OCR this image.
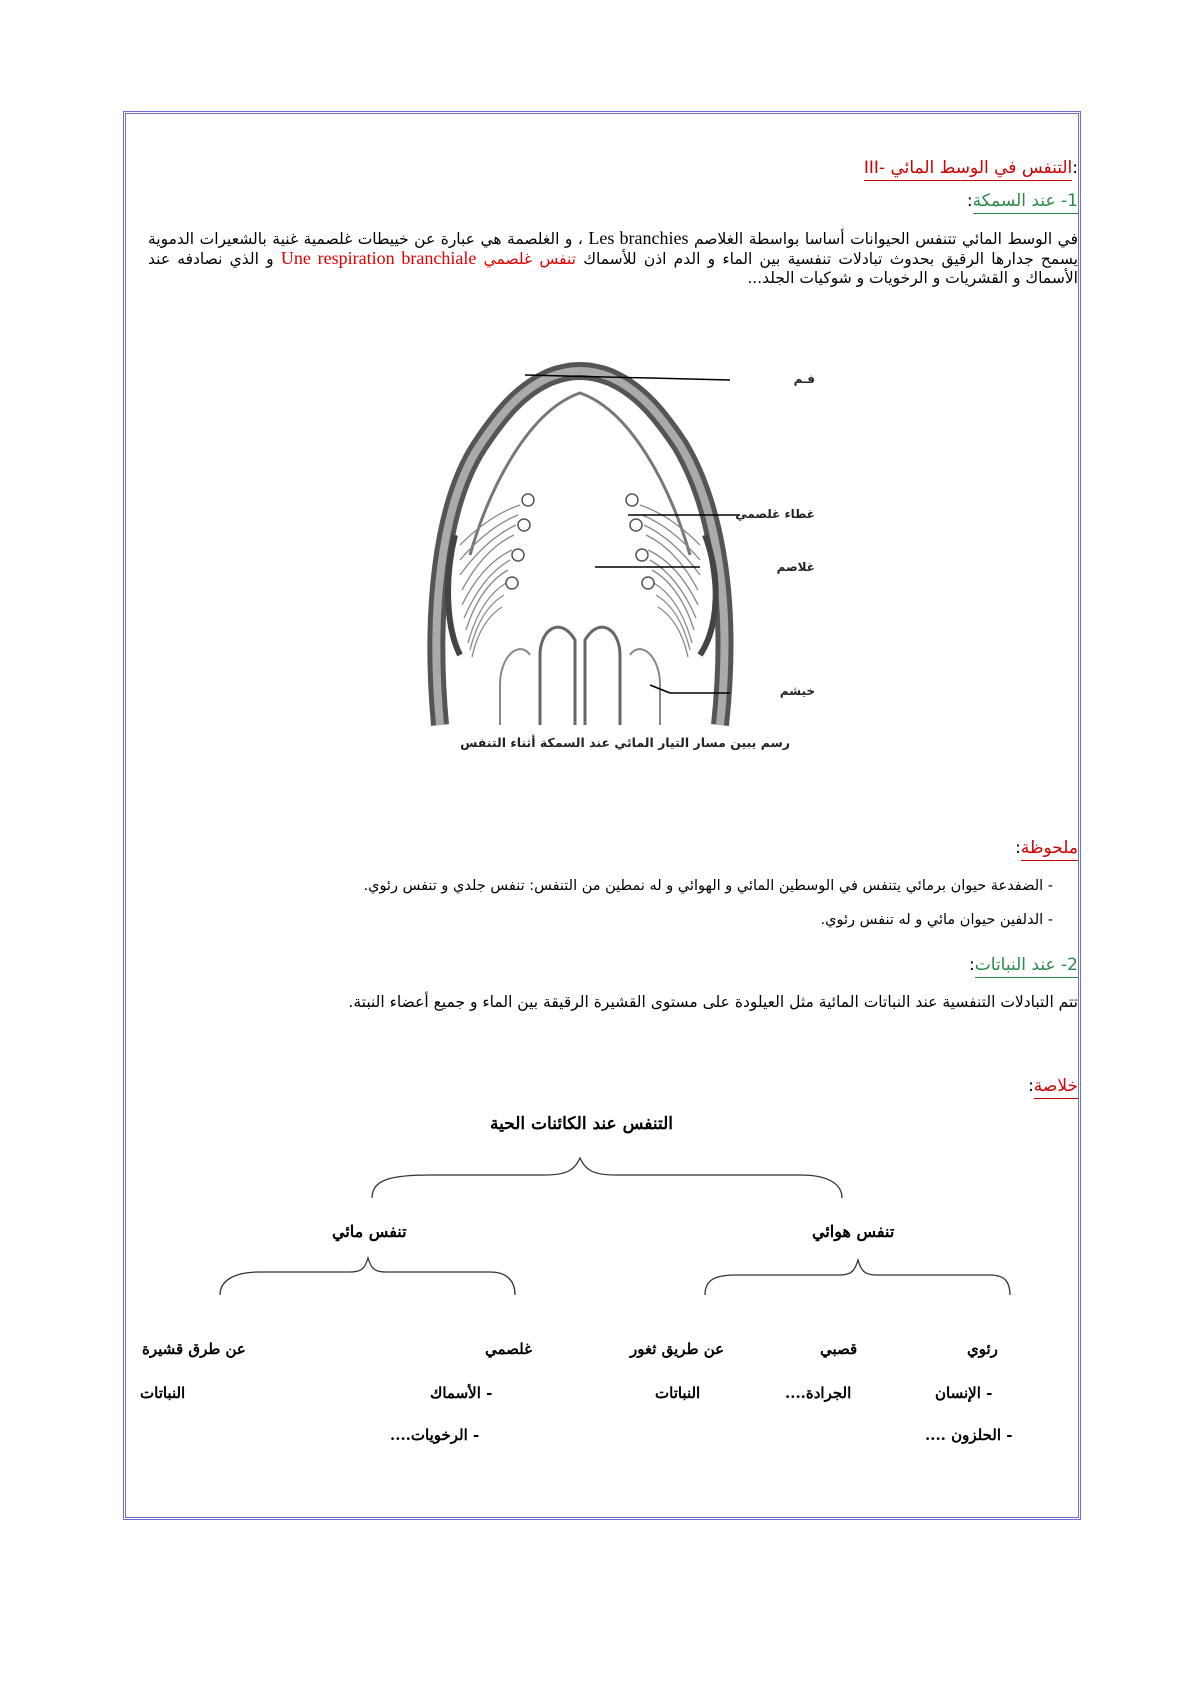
III- التنفس في الوسط المائي:
1- عند السمكة:
في الوسط المائي تتنفس الحيوانات أساسا بواسطة الغلاصم Les branchies ، و الغلصمة هي عبارة عن خييطات غلصمية غنية بالشعيرات الدموية يسمح جدارها الرقيق بحدوث تبادلات تنفسية بين الماء و الدم اذن للأسماك تنفس غلصمي Une respiration branchiale و الذي نصادفه عند الأسماك و القشريات و الرخويات و شوكيات الجلد...
فـم
غطاء غلصمي
غلاصم
خيشم
رسم يبين مسار التيار المائي عند السمكة أثناء التنفس
ملحوظة:
- الضفدعة حيوان برمائي يتنفس في الوسطين المائي و الهوائي و له نمطين من التنفس: تنفس جلدي و تنفس رئوي.
- الدلفين حيوان مائي و له تنفس رئوي.
2- عند النباتات:
تتم التبادلات التنفسية عند النباتات المائية مثل العيلودة على مستوى القشيرة الرقيقة بين الماء و جميع أعضاء النبتة.
خلاصة:
التنفس عند الكائنات الحية
تنفس مائي	تنفس هوائي
رئوي
- الإنسان
- الحلزون ....
قصبي
الجرادة....
عن طريق ثغور
النباتات
غلصمي
- الأسماك
- الرخويات....
عن طرق قشيرة
النباتات
